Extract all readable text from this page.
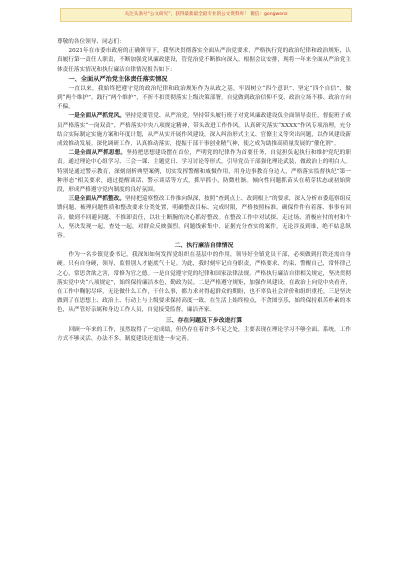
关注头条号“公文研究”，获得最新最全最专业的公文资料库！ 微信：gongwenz

尊敬的各位领导、同志们：

2021年在市委市政府的正确领导下，我坚决贯彻落实全面从严治党要求，严格执行党的政治纪律和政治规矩，认真履行第一责任人职责，不断加强党风廉政建设，管党治党不断推向深入。根据会议安排，现将一年来全面从严治党主体责任落实情况和执行廉洁自律情况报告如下：

一、全面从严治党主体责任落实情况

一直以来，我始终把遵守党的政治纪律和政治规矩作为从政之基，牢固树立“四个意识”、坚定“四个自信”、做到“两个维护”，践行“两个维护”，不折不扣贯彻落实上级决策部署，自觉做到政治信仰不变、政治立场不移、政治方向不偏。

一是全面从严抓党风。坚持党要管党、从严治党，坚持带头履行班子对党风廉政建设负全面领导责任，督促班子成员严格落实“一岗双责”，严格落实中央八项规定精神，带头改进工作作风。认真研究落实“XXXX”作风专项治理，充分结合实际制定实施方案和年度计划，从严从实开展作风建设，深入纠治形式主义、官僚主义等突出问题，以作风建设新成效推动发展。深化调研工作，认真推动落实，提振干部干事创业精气神，使之成为助推高质量发展的“催化剂”。

二是全面从严抓思想。坚持把思想建设摆在首位，严明党的纪律作为首要任务，自觉担负起执行和维护党纪的职责。通过理论中心组学习、三会一课、主题党日、学习讨论等形式，引导党员干部强化理论武装，做政治上的明白人。特别是通过警示教育，深刻剖析典型案例，切实发挥警醒和威慑作用，用身边事教育身边人，严格落实监督执纪“第一种形态”相关要求，通过提醒谈话、警示谈话等方式，抓早抓小，防微杜渐。倾向性问题抓苗头在萌芽状态或初始阶段，形成严格遵守党内制度的良好氛围。

三是全面从严抓整改。坚持把巡察整改工作推向纵深，按照“查到点上、改到根上”的要求，深入分析市委巡察组反馈问题，梳理问题性质和整改要求分类处置，明确整改目标、完成时限，严格按照标准，确保件件有着落、事事有回音。做到不回避问题、不推卸责任，以壮士断腕的决心抓好整改。在整改工作中对试探、走过场、消极应付的村和个人，坚决发现一起，查处一起，对群众反映强烈、问题线索集中、证据充分查实的案件，无论涉及到谁，绝不姑息纵容。

二、执行廉洁自律情况

作为一名乡镇党委书记，我深知如何发挥党组织在基层中的作用，领导好全镇党员干部，必须做到打铁还需自身硬。只有自身硬，领导、监督别人才能底气十足。为此，我时刻牢记自身职责，严格要求、约束、警醒自己，常怀律己之心，常思贪欲之害，常修为官之德。一是自觉遵守党的纪律和国家法律法规。严格执行廉洁自律相关规定，坚决贯彻落实党中央“八项规定”，始终保持廉洁本色，勤政为民。二是严格遵守规矩，加强作风建设。在政治上向党中央看齐，在工作中鞠躬尽瘁，无论做什么工作，干什么事，都力求对得起群众的期盼，也不辜负社会评价和组织重托。三是坚决做到了在思想上、政治上、行动上与上级要求保持高度一致。在生活上始终检点，不贪图享乐，始终保持艰苦朴素的本色，从严管好亲属和身边工作人员，自觉接受监督，廉洁齐家。

三、存在问题及下步改进打算

回顾一年来的工作，虽然取得了一定成绩，但仍存在着许多不足之处，主要表现在理论学习不够全面、系统，工作方式不够灵活、办法不多，制度建设还需进一步完善。
